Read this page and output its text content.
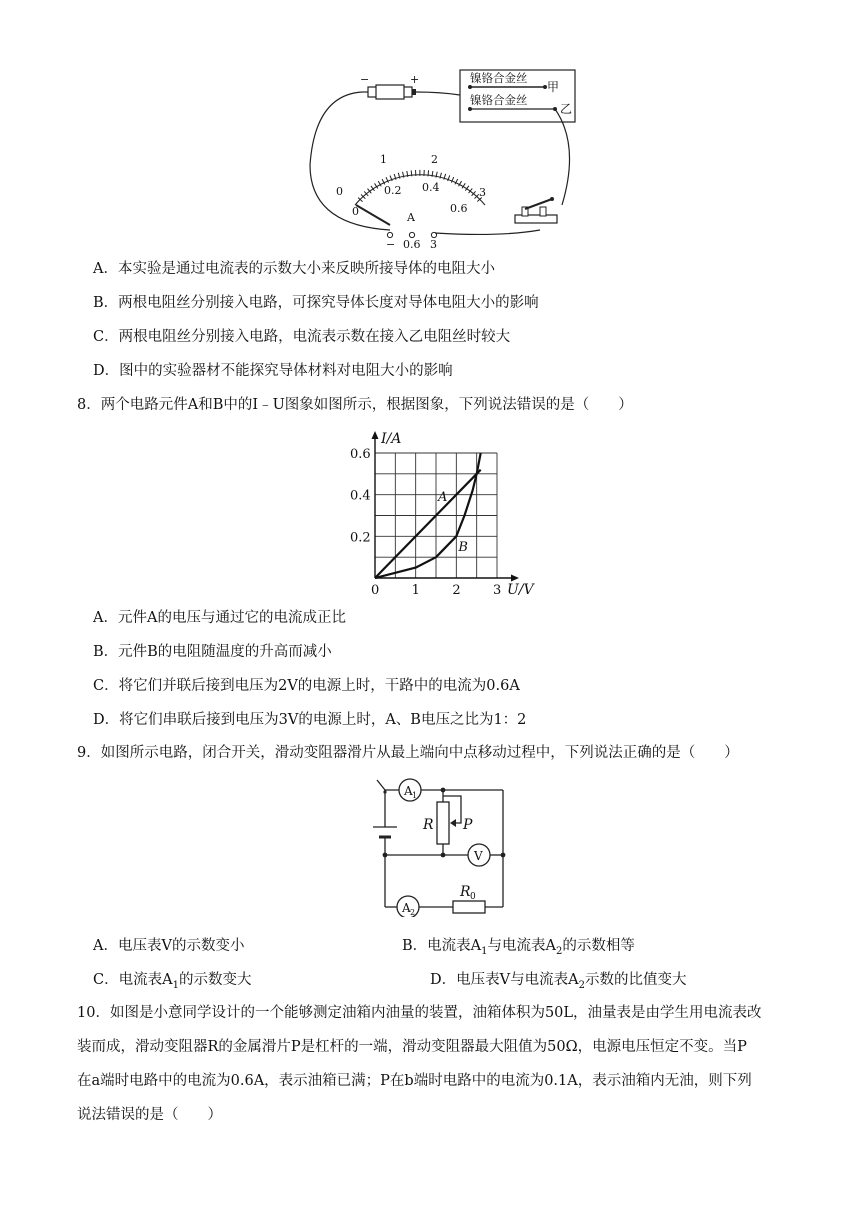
−	+	镍铬合金丝
甲
镍铬合金丝
乙
0
1	2
3
0
0.2 0.4
0.6
A
− 0.6 3
A．本实验是通过电流表的示数大小来反映所接导体的电阻大小
B．两根电阻丝分别接入电路，可探究导体长度对导体电阻大小的影响
C．两根电阻丝分别接入电路，电流表示数在接入乙电阻丝时较大
D．图中的实验器材不能探究导体材料对电阻大小的影响
8．两个电路元件A和B中的I﹣U图象如图所示，根据图象，下列说法错误的是（　　）
A
B
0 1 2 3
0.2
0.4
0.6
I/A
U/V
A．元件A的电压与通过它的电流成正比
B．元件B的电阻随温度的升高而减小
C．将它们并联后接到电压为2V的电源上时，干路中的电流为0.6A
D．将它们串联后接到电压为3V的电源上时，A、B电压之比为1：2
9．如图所示电路，闭合开关，滑动变阻器滑片从最上端向中点移动过程中，下列说法正确的是（　　）
R P
A 1
V
A 2
R 0
A．电压表V的示数变小	B．电流表$A_1$与电流表$A_2$的示数相等
C．电流表$A_1$的示数变大	D．电压表V与电流表$A_2$示数的比值变大
10．如图是小意同学设计的一个能够测定油箱内油量的装置，油箱体积为50L，油量表是由学生用电流表改
装而成，滑动变阻器R的金属滑片P是杠杆的一端，滑动变阻器最大阻值为50Ω，电源电压恒定不变。当P
在a端时电路中的电流为0.6A，表示油箱已满；P在b端时电路中的电流为0.1A，表示油箱内无油，则下列
说法错误的是（　　）
